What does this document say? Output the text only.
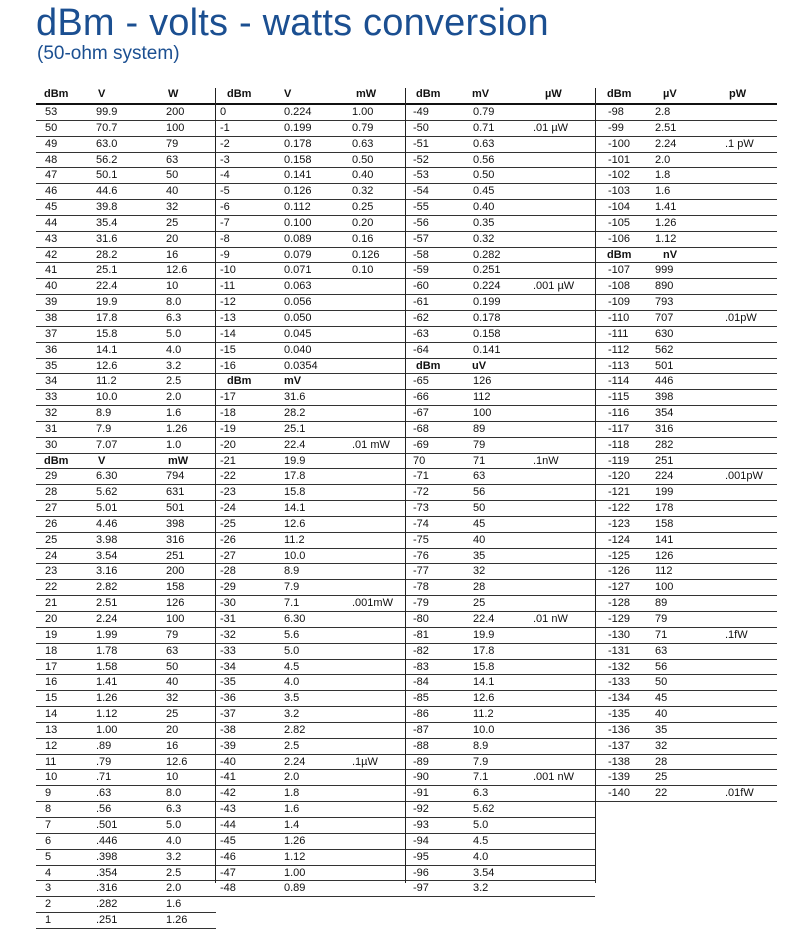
dBm - volts - watts conversion
(50-ohm system)
dBm	V	W
53	99.9	200
50	70.7	100
49	63.0	79
48	56.2	63
47	50.1	50
46	44.6	40
45	39.8	32
44	35.4	25
43	31.6	20
42	28.2	16
41	25.1	12.6
40	22.4	10
39	19.9	8.0
38	17.8	6.3
37	15.8	5.0
36	14.1	4.0
35	12.6	3.2
34	11.2	2.5
33	10.0	2.0
32	8.9	1.6
31	7.9	1.26
30	7.07	1.0
dBm	V	mW
29	6.30	794
28	5.62	631
27	5.01	501
26	4.46	398
25	3.98	316
24	3.54	251
23	3.16	200
22	2.82	158
21	2.51	126
20	2.24	100
19	1.99	79
18	1.78	63
17	1.58	50
16	1.41	40
15	1.26	32
14	1.12	25
13	1.00	20
12	.89	16
11	.79	12.6
10	.71	10
9	.63	8.0
8	.56	6.3
7	.501	5.0
6	.446	4.0
5	.398	3.2
4	.354	2.5
3	.316	2.0
2	.282	1.6
1	.251	1.26
dBm	V	mW
0	0.224	1.00
-1	0.199	0.79
-2	0.178	0.63
-3	0.158	0.50
-4	0.141	0.40
-5	0.126	0.32
-6	0.112	0.25
-7	0.100	0.20
-8	0.089	0.16
-9	0.079	0.126
-10	0.071	0.10
-11	0.063
-12	0.056
-13	0.050
-14	0.045
-15	0.040
-16	0.0354
dBm	mV
-17	31.6
-18	28.2
-19	25.1
-20	22.4	.01 mW
-21	19.9
-22	17.8
-23	15.8
-24	14.1
-25	12.6
-26	11.2
-27	10.0
-28	8.9
-29	7.9
-30	7.1	.001mW
-31	6.30
-32	5.6
-33	5.0
-34	4.5
-35	4.0
-36	3.5
-37	3.2
-38	2.82
-39	2.5
-40	2.24	.1µW
-41	2.0
-42	1.8
-43	1.6
-44	1.4
-45	1.26
-46	1.12
-47	1.00
-48	0.89
dBm	mV	µW
-49	0.79
-50	0.71	.01 µW
-51	0.63
-52	0.56
-53	0.50
-54	0.45
-55	0.40
-56	0.35
-57	0.32
-58	0.282
-59	0.251
-60	0.224	.001 µW
-61	0.199
-62	0.178
-63	0.158
-64	0.141
dBm	uV
-65	126
-66	112
-67	100
-68	89
-69	79
70	71	.1nW
-71	63
-72	56
-73	50
-74	45
-75	40
-76	35
-77	32
-78	28
-79	25
-80	22.4	.01 nW
-81	19.9
-82	17.8
-83	15.8
-84	14.1
-85	12.6
-86	11.2
-87	10.0
-88	8.9
-89	7.9
-90	7.1	.001 nW
-91	6.3
-92	5.62
-93	5.0
-94	4.5
-95	4.0
-96	3.54
-97	3.2
dBm	µV	pW
-98	2.8
-99	2.51
-100 2.24	.1 pW
-101 2.0
-102 1.8
-103 1.6
-104 1.41
-105 1.26
-106 1.12
dBm	nV
-107 999
-108 890
-109 793
-110 707	.01pW
-111 630
-112 562
-113 501
-114 446
-115 398
-116 354
-117 316
-118 282
-119 251
-120 224	.001pW
-121 199
-122 178
-123 158
-124 141
-125 126
-126 112
-127 100
-128 89
-129 79
-130 71	.1fW
-131 63
-132 56
-133 50
-134 45
-135 40
-136 35
-137 32
-138 28
-139 25
-140 22	.01fW
